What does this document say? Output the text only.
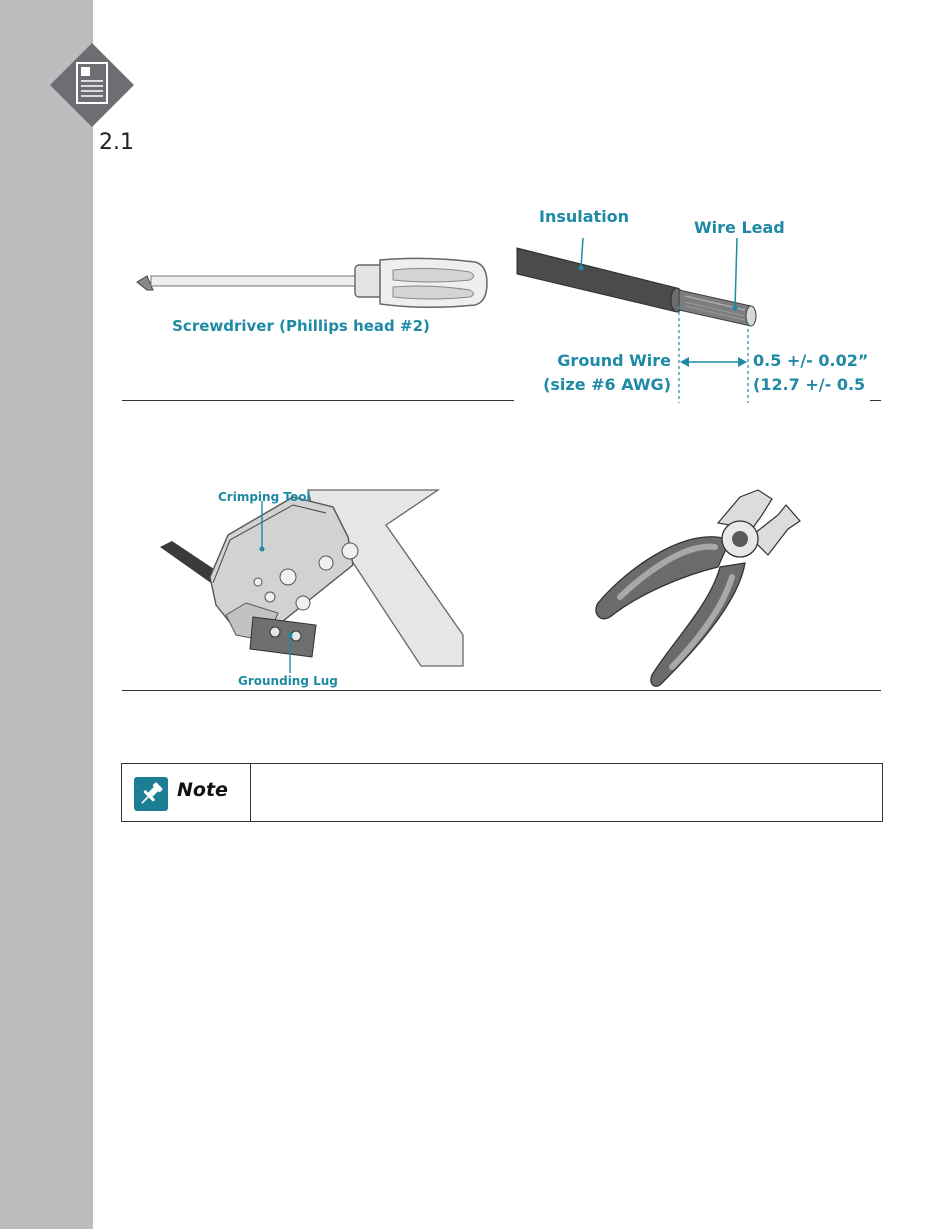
2.1
Screwdriver (Phillips head #2)
Insulation
Wire Lead
Ground Wire
(size #6 AWG)
0.5 +/- 0.02”
(12.7 +/- 0.5
Crimping Tool
Grounding Lug
Note
